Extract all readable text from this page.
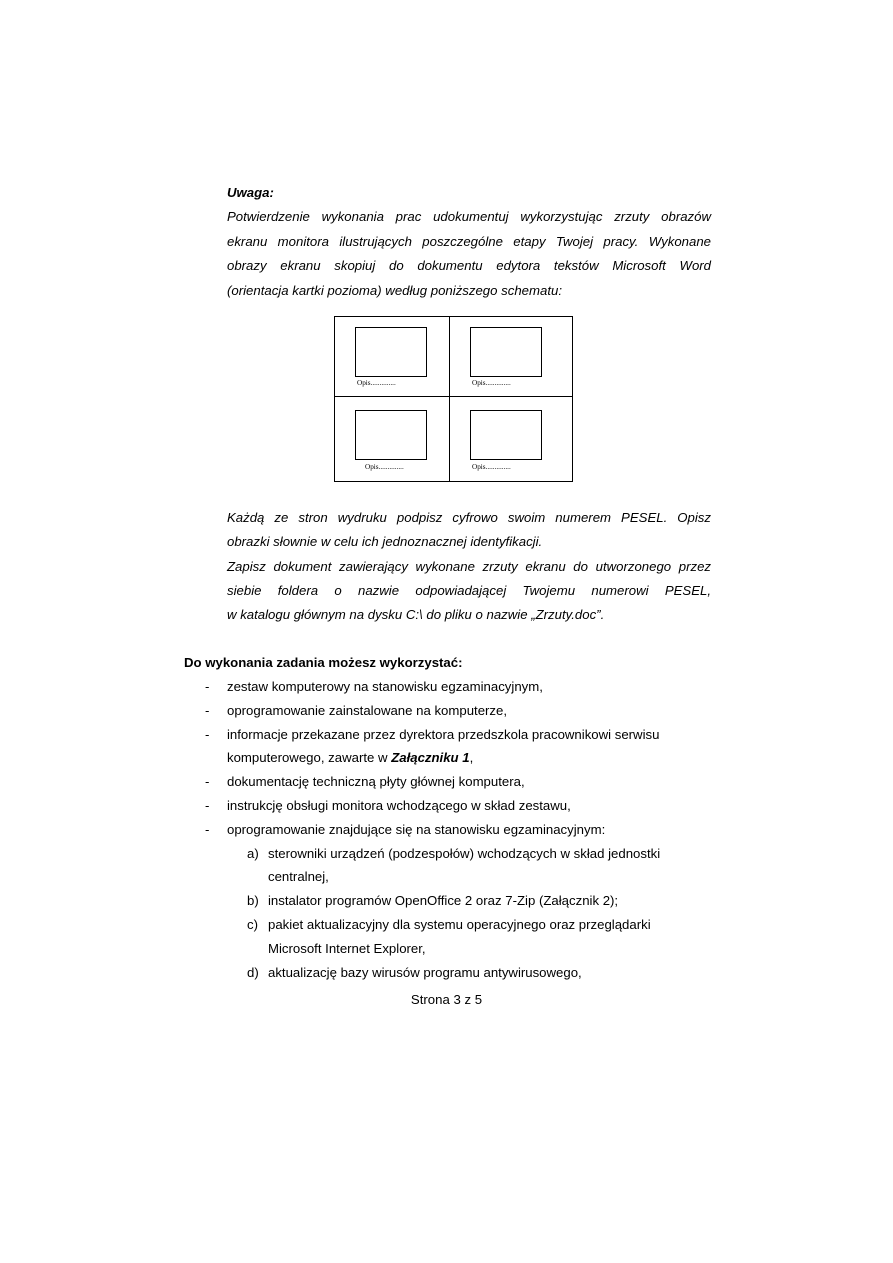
Uwaga:

Potwierdzenie wykonania prac udokumentuj wykorzystując zrzuty obrazów

ekranu monitora ilustrujących poszczególne etapy Twojej pracy. Wykonane

obrazy ekranu skopiuj do dokumentu edytora tekstów Microsoft Word

(orientacja kartki pozioma) według poniższego schematu:

Opis..............	Opis..............
Opis..............	Opis..............

Każdą ze stron wydruku podpisz cyfrowo swoim numerem PESEL. Opisz

obrazki słownie w celu ich jednoznacznej identyfikacji.

Zapisz dokument zawierający wykonane zrzuty ekranu do utworzonego przez

siebie foldera o nazwie odpowiadającej Twojemu numerowi PESEL,

w katalogu głównym na dysku C:\ do pliku o nazwie „Zrzuty.doc”.

Do wykonania zadania możesz wykorzystać:
- zestaw komputerowy na stanowisku egzaminacyjnym,
- oprogramowanie zainstalowane na komputerze,
- informacje przekazane przez dyrektora przedszkola pracownikowi serwisu
komputerowego, zawarte w Załączniku 1,
- dokumentację techniczną płyty głównej komputera,
- instrukcję obsługi monitora wchodzącego w skład zestawu,
- oprogramowanie znajdujące się na stanowisku egzaminacyjnym:
a) sterowniki urządzeń (podzespołów) wchodzących w skład jednostki centralnej,
b) instalator programów OpenOffice 2 oraz 7-Zip (Załącznik 2);
c) pakiet aktualizacyjny dla systemu operacyjnego oraz przeglądarki Microsoft Internet Explorer,
d) aktualizację bazy wirusów programu antywirusowego,
Strona 3 z 5
